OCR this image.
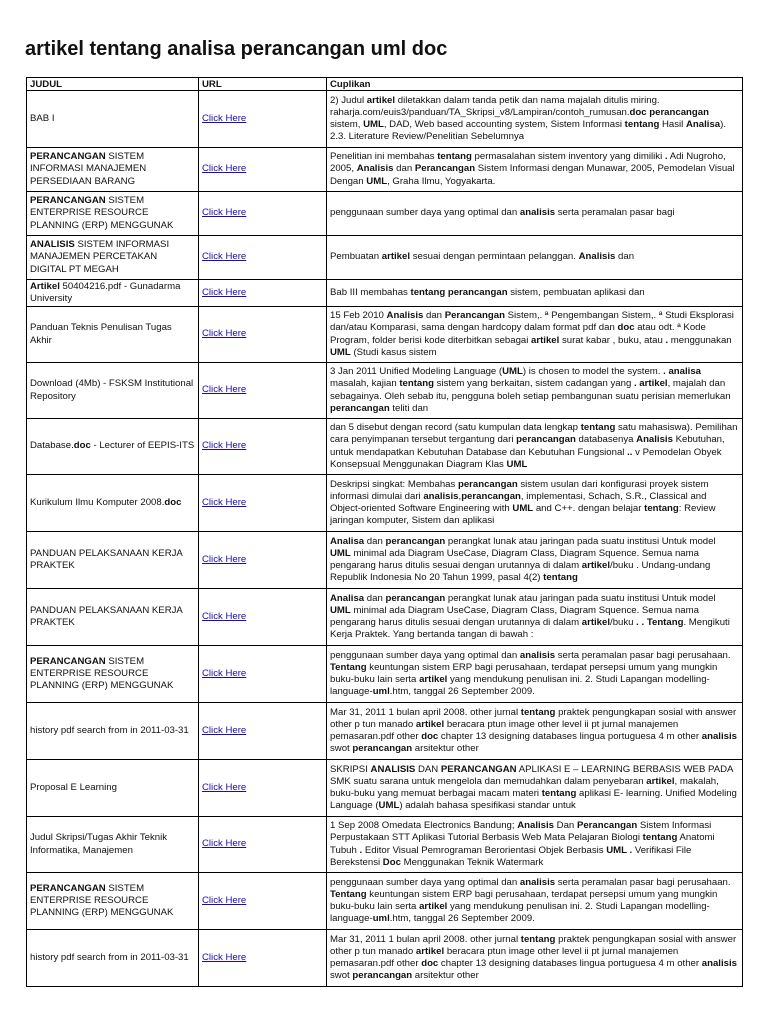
artikel tentang analisa perancangan uml doc
JUDUL	URL	Cuplikan
BAB I	Click Here	2) Judul artikel diletakkan dalam tanda petik dan nama majalah ditulis miring. raharja.com/euis3/panduan/TA_Skripsi_v8/Lampiran/contoh_rumusan.doc perancangan sistem, UML, DAD, Web based accounting system, Sistem Informasi tentang Hasil Analisa). 2.3. Literature Review/Penelitian Sebelumnya
PERANCANGAN SISTEM INFORMASI MANAJEMEN PERSEDIAAN BARANG	Click Here	Penelitian ini membahas tentang permasalahan sistem inventory yang dimiliki . Adi Nugroho, 2005, Analisis dan Perancangan Sistem Informasi dengan Munawar, 2005, Pemodelan Visual Dengan UML, Graha Ilmu, Yogyakarta.
PERANCANGAN SISTEM ENTERPRISE RESOURCE PLANNING (ERP) MENGGUNAK	Click Here	penggunaan sumber daya yang optimal dan analisis serta peramalan pasar bagi
ANALISIS SISTEM INFORMASI MANAJEMEN PERCETAKAN DIGITAL PT MEGAH	Click Here	Pembuatan artikel sesuai dengan permintaan pelanggan. Analisis dan
Artikel 50404216.pdf - Gunadarma University	Click Here	Bab III membahas tentang perancangan sistem, pembuatan aplikasi dan
Panduan Teknis Penulisan Tugas Akhir	Click Here	15 Feb 2010 Analisis dan Perancangan Sistem,. ª Pengembangan Sistem,. ª Studi Eksplorasi dan/atau Komparasi, sama dengan hardcopy dalam format pdf dan doc atau odt. ª Kode Program, folder berisi kode diterbitkan sebagai artikel surat kabar , buku, atau . menggunakan UML (Studi kasus sistem
Download (4Mb) - FSKSM Institutional Repository	Click Here	3 Jan 2011 Unified Modeling Language (UML) is chosen to model the system. . analisa masalah, kajian tentang sistem yang berkaitan, sistem cadangan yang . artikel, majalah dan sebagainya. Oleh sebab itu, pengguna boleh setiap pembangunan suatu perisian memerlukan perancangan teliti dan
Database.doc - Lecturer of EEPIS-ITS	Click Here	dan 5 disebut dengan record (satu kumpulan data lengkap tentang satu mahasiswa). Pemilihan cara penyimpanan tersebut tergantung dari perancangan databasenya Analisis Kebutuhan, untuk mendapatkan Kebutuhan Database dan Kebutuhan Fungsional .. v Pemodelan Obyek Konsepsual Menggunakan Diagram Klas UML
Kurikulum Ilmu Komputer 2008.doc	Click Here	Deskripsi singkat: Membahas perancangan sistem usulan dari konfigurasi proyek sistem informasi dimulai dari analisis,perancangan, implementasi, Schach, S.R., Classical and Object-oriented Software Engineering with UML and C++. dengan belajar tentang: Review jaringan komputer, Sistem dan aplikasi
PANDUAN PELAKSANAAN KERJA PRAKTEK	Click Here	Analisa dan perancangan perangkat lunak atau jaringan pada suatu institusi Untuk model UML minimal ada Diagram UseCase, Diagram Class, Diagram Squence. Semua nama pengarang harus ditulis sesuai dengan urutannya di dalam artikel/buku . Undang-undang Republik Indonesia No 20 Tahun 1999, pasal 4(2) tentang
PANDUAN PELAKSANAAN KERJA PRAKTEK	Click Here	Analisa dan perancangan perangkat lunak atau jaringan pada suatu institusi Untuk model UML minimal ada Diagram UseCase, Diagram Class, Diagram Squence. Semua nama pengarang harus ditulis sesuai dengan urutannya di dalam artikel/buku . . Tentang. Mengikuti Kerja Praktek. Yang bertanda tangan di bawah :
PERANCANGAN SISTEM ENTERPRISE RESOURCE PLANNING (ERP) MENGGUNAK	Click Here	penggunaan sumber daya yang optimal dan analisis serta peramalan pasar bagi perusahaan. Tentang keuntungan sistem ERP bagi perusahaan, terdapat persepsi umum yang mungkin buku-buku lain serta artikel yang mendukung penulisan ini. 2. Studi Lapangan modelling-language-uml.htm, tanggal 26 September 2009.
history pdf search from in 2011-03-31	Click Here	Mar 31, 2011 1 bulan april 2008. other jurnal tentang praktek pengungkapan sosial with answer other p tun manado artikel beracara ptun image other level ii pt jurnal manajemen pemasaran.pdf other doc chapter 13 designing databases lingua portuguesa 4 m other analisis swot perancangan arsitektur other
Proposal E Learning	Click Here	SKRIPSI ANALISIS DAN PERANCANGAN APLIKASI E – LEARNING BERBASIS WEB PADA SMK suatu sarana untuk mengelola dan memudahkan dalam penyebaran artikel, makalah, buku-buku yang memuat berbagai macam materi tentang aplikasi E- learning. Unified Modeling Language (UML) adalah bahasa spesifikasi standar untuk
Judul Skripsi/Tugas Akhir Teknik Informatika, Manajemen	Click Here	1 Sep 2008 Omedata Electronics Bandung; Analisis Dan Perancangan Sistem Informasi Perpustakaan STT Aplikasi Tutorial Berbasis Web Mata Pelajaran Biologi tentang Anatomi Tubuh . Editor Visual Pemrograman Berorientasi Objek Berbasis UML . Verifikasi File Berekstensi Doc Menggunakan Teknik Watermark
PERANCANGAN SISTEM ENTERPRISE RESOURCE PLANNING (ERP) MENGGUNAK	Click Here	penggunaan sumber daya yang optimal dan analisis serta peramalan pasar bagi perusahaan. Tentang keuntungan sistem ERP bagi perusahaan, terdapat persepsi umum yang mungkin buku-buku lain serta artikel yang mendukung penulisan ini. 2. Studi Lapangan modelling-language-uml.htm, tanggal 26 September 2009.
history pdf search from in 2011-03-31	Click Here	Mar 31, 2011 1 bulan april 2008. other jurnal tentang praktek pengungkapan sosial with answer other p tun manado artikel beracara ptun image other level ii pt jurnal manajemen pemasaran.pdf other doc chapter 13 designing databases lingua portuguesa 4 m other analisis swot perancangan arsitektur other
